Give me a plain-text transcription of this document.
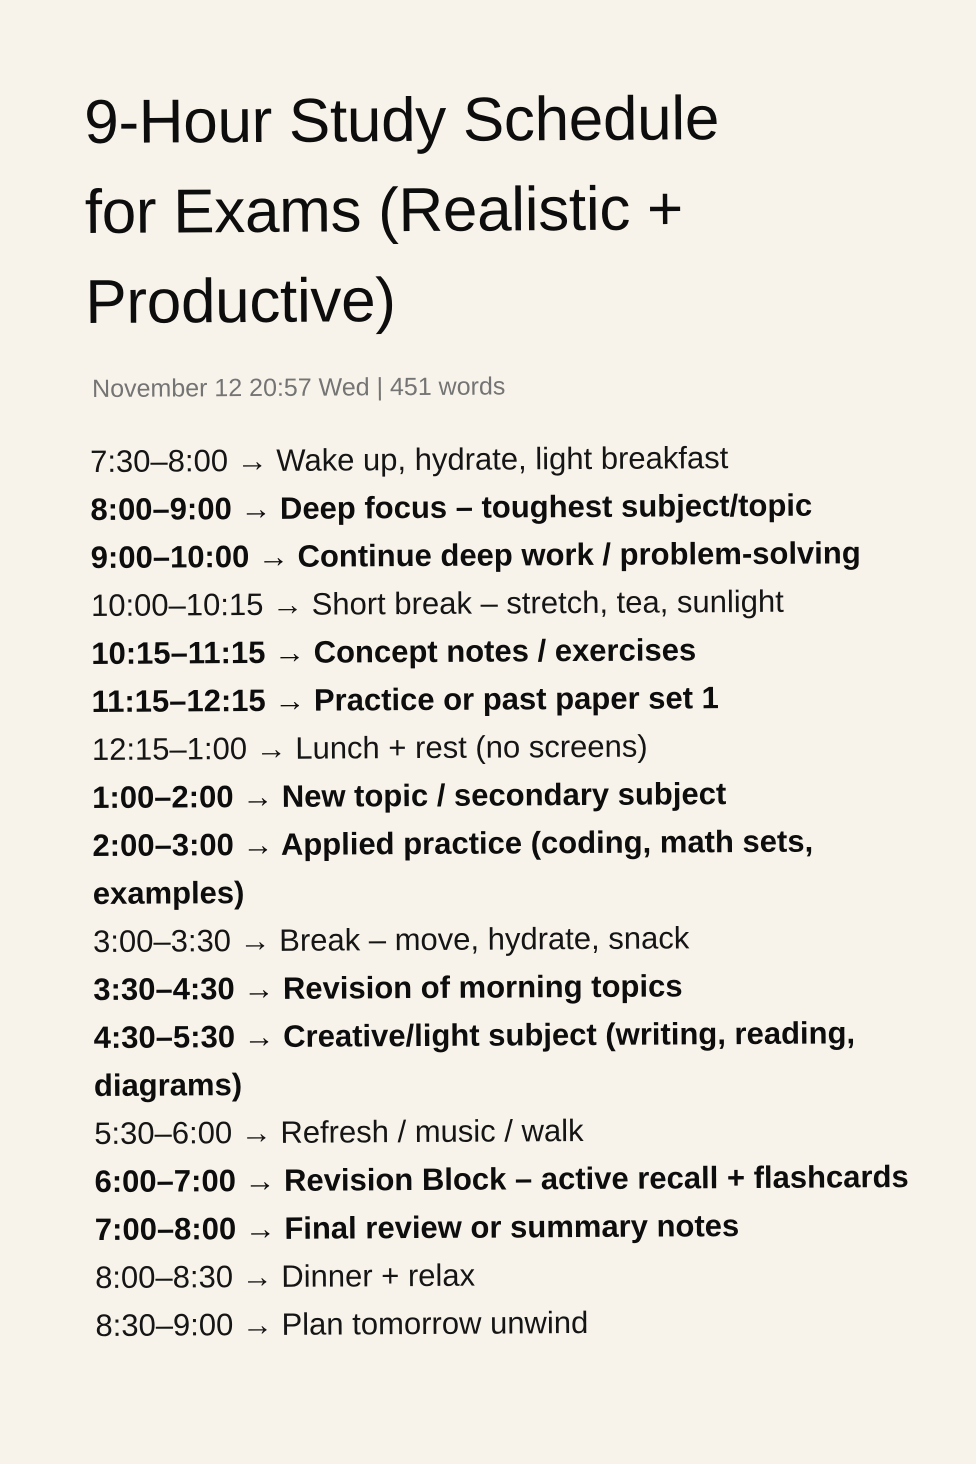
9-Hour Study Schedule for Exams (Realistic + Productive)
November 12 20:57 Wed | 451 words
7:30–8:00 → Wake up, hydrate, light breakfast
8:00–9:00 → Deep focus – toughest subject/topic
9:00–10:00 → Continue deep work / problem-solving
10:00–10:15 → Short break – stretch, tea, sunlight
10:15–11:15 → Concept notes / exercises
11:15–12:15 → Practice or past paper set 1
12:15–1:00 → Lunch + rest (no screens)
1:00–2:00 → New topic / secondary subject
2:00–3:00 → Applied practice (coding, math sets, examples)
3:00–3:30 → Break – move, hydrate, snack
3:30–4:30 → Revision of morning topics
4:30–5:30 → Creative/light subject (writing, reading, diagrams)
5:30–6:00 → Refresh / music / walk
6:00–7:00 → Revision Block – active recall + flashcards
7:00–8:00 → Final review or summary notes
8:00–8:30 → Dinner + relax
8:30–9:00 → Plan tomorrow unwind
